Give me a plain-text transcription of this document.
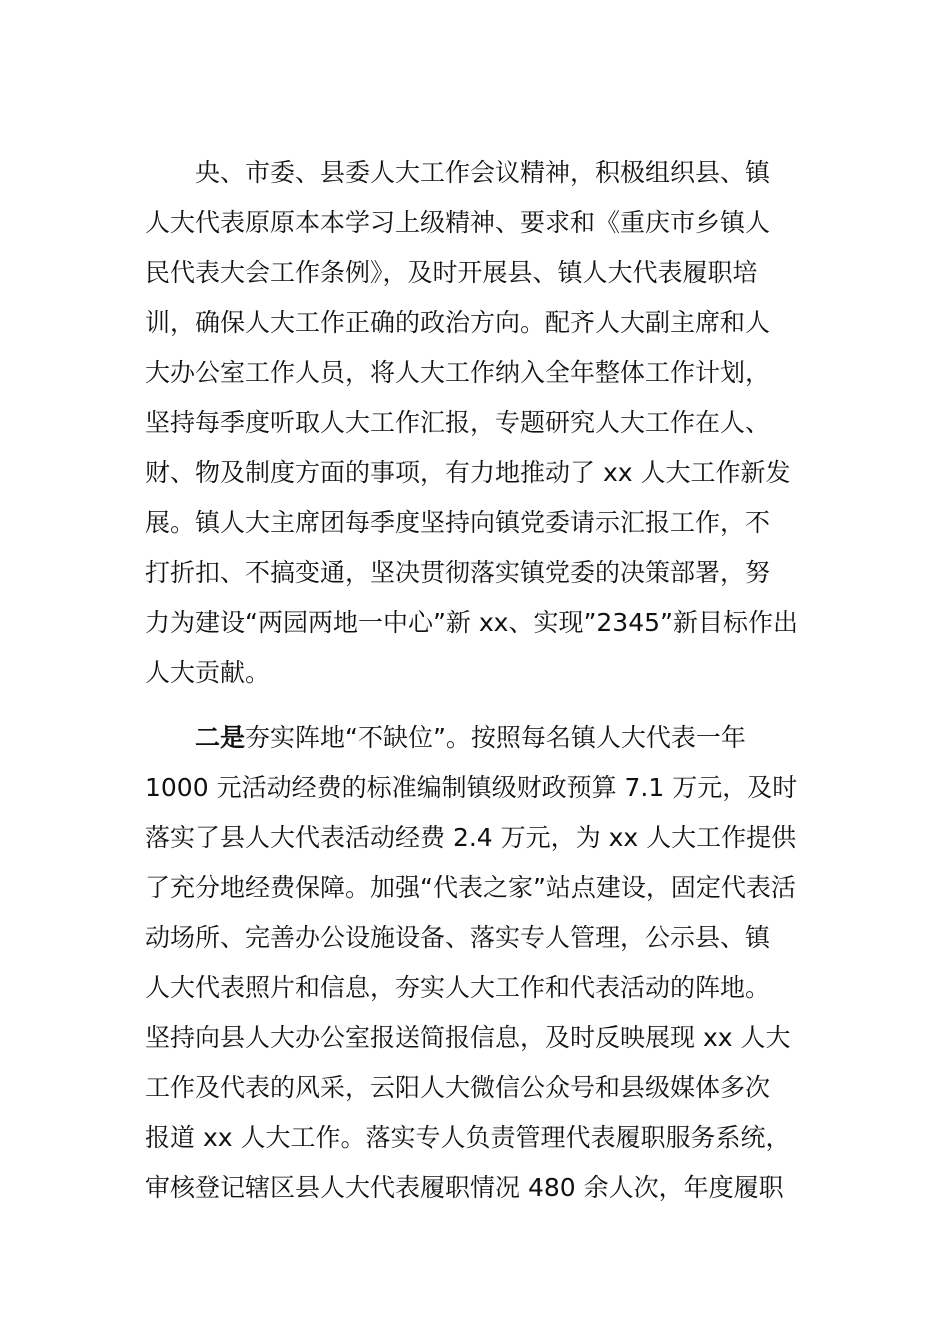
央、市委、县委人大工作会议精神，积极组织县、镇
人大代表原原本本学习上级精神、要求和《重庆市乡镇人
民代表大会工作条例》，及时开展县、镇人大代表履职培
训，确保人大工作正确的政治方向。配齐人大副主席和人
大办公室工作人员，将人大工作纳入全年整体工作计划，
坚持每季度听取人大工作汇报，专题研究人大工作在人、
财、物及制度方面的事项，有力地推动了 xx 人大工作新发
展。镇人大主席团每季度坚持向镇党委请示汇报工作，不
打折扣、不搞变通，坚决贯彻落实镇党委的决策部署，努
力为建设“两园两地一中心”新 xx、实现”2345”新目标作出
人大贡献。
二是夯实阵地“不缺位”。按照每名镇人大代表一年
1000 元活动经费的标准编制镇级财政预算 7.1 万元，及时
落实了县人大代表活动经费 2.4 万元，为 xx 人大工作提供
了充分地经费保障。加强“代表之家”站点建设，固定代表活
动场所、完善办公设施设备、落实专人管理，公示县、镇
人大代表照片和信息，夯实人大工作和代表活动的阵地。
坚持向县人大办公室报送简报信息，及时反映展现 xx 人大
工作及代表的风采，云阳人大微信公众号和县级媒体多次
报道 xx 人大工作。落实专人负责管理代表履职服务系统，
审核登记辖区县人大代表履职情况 480 余人次，年度履职
